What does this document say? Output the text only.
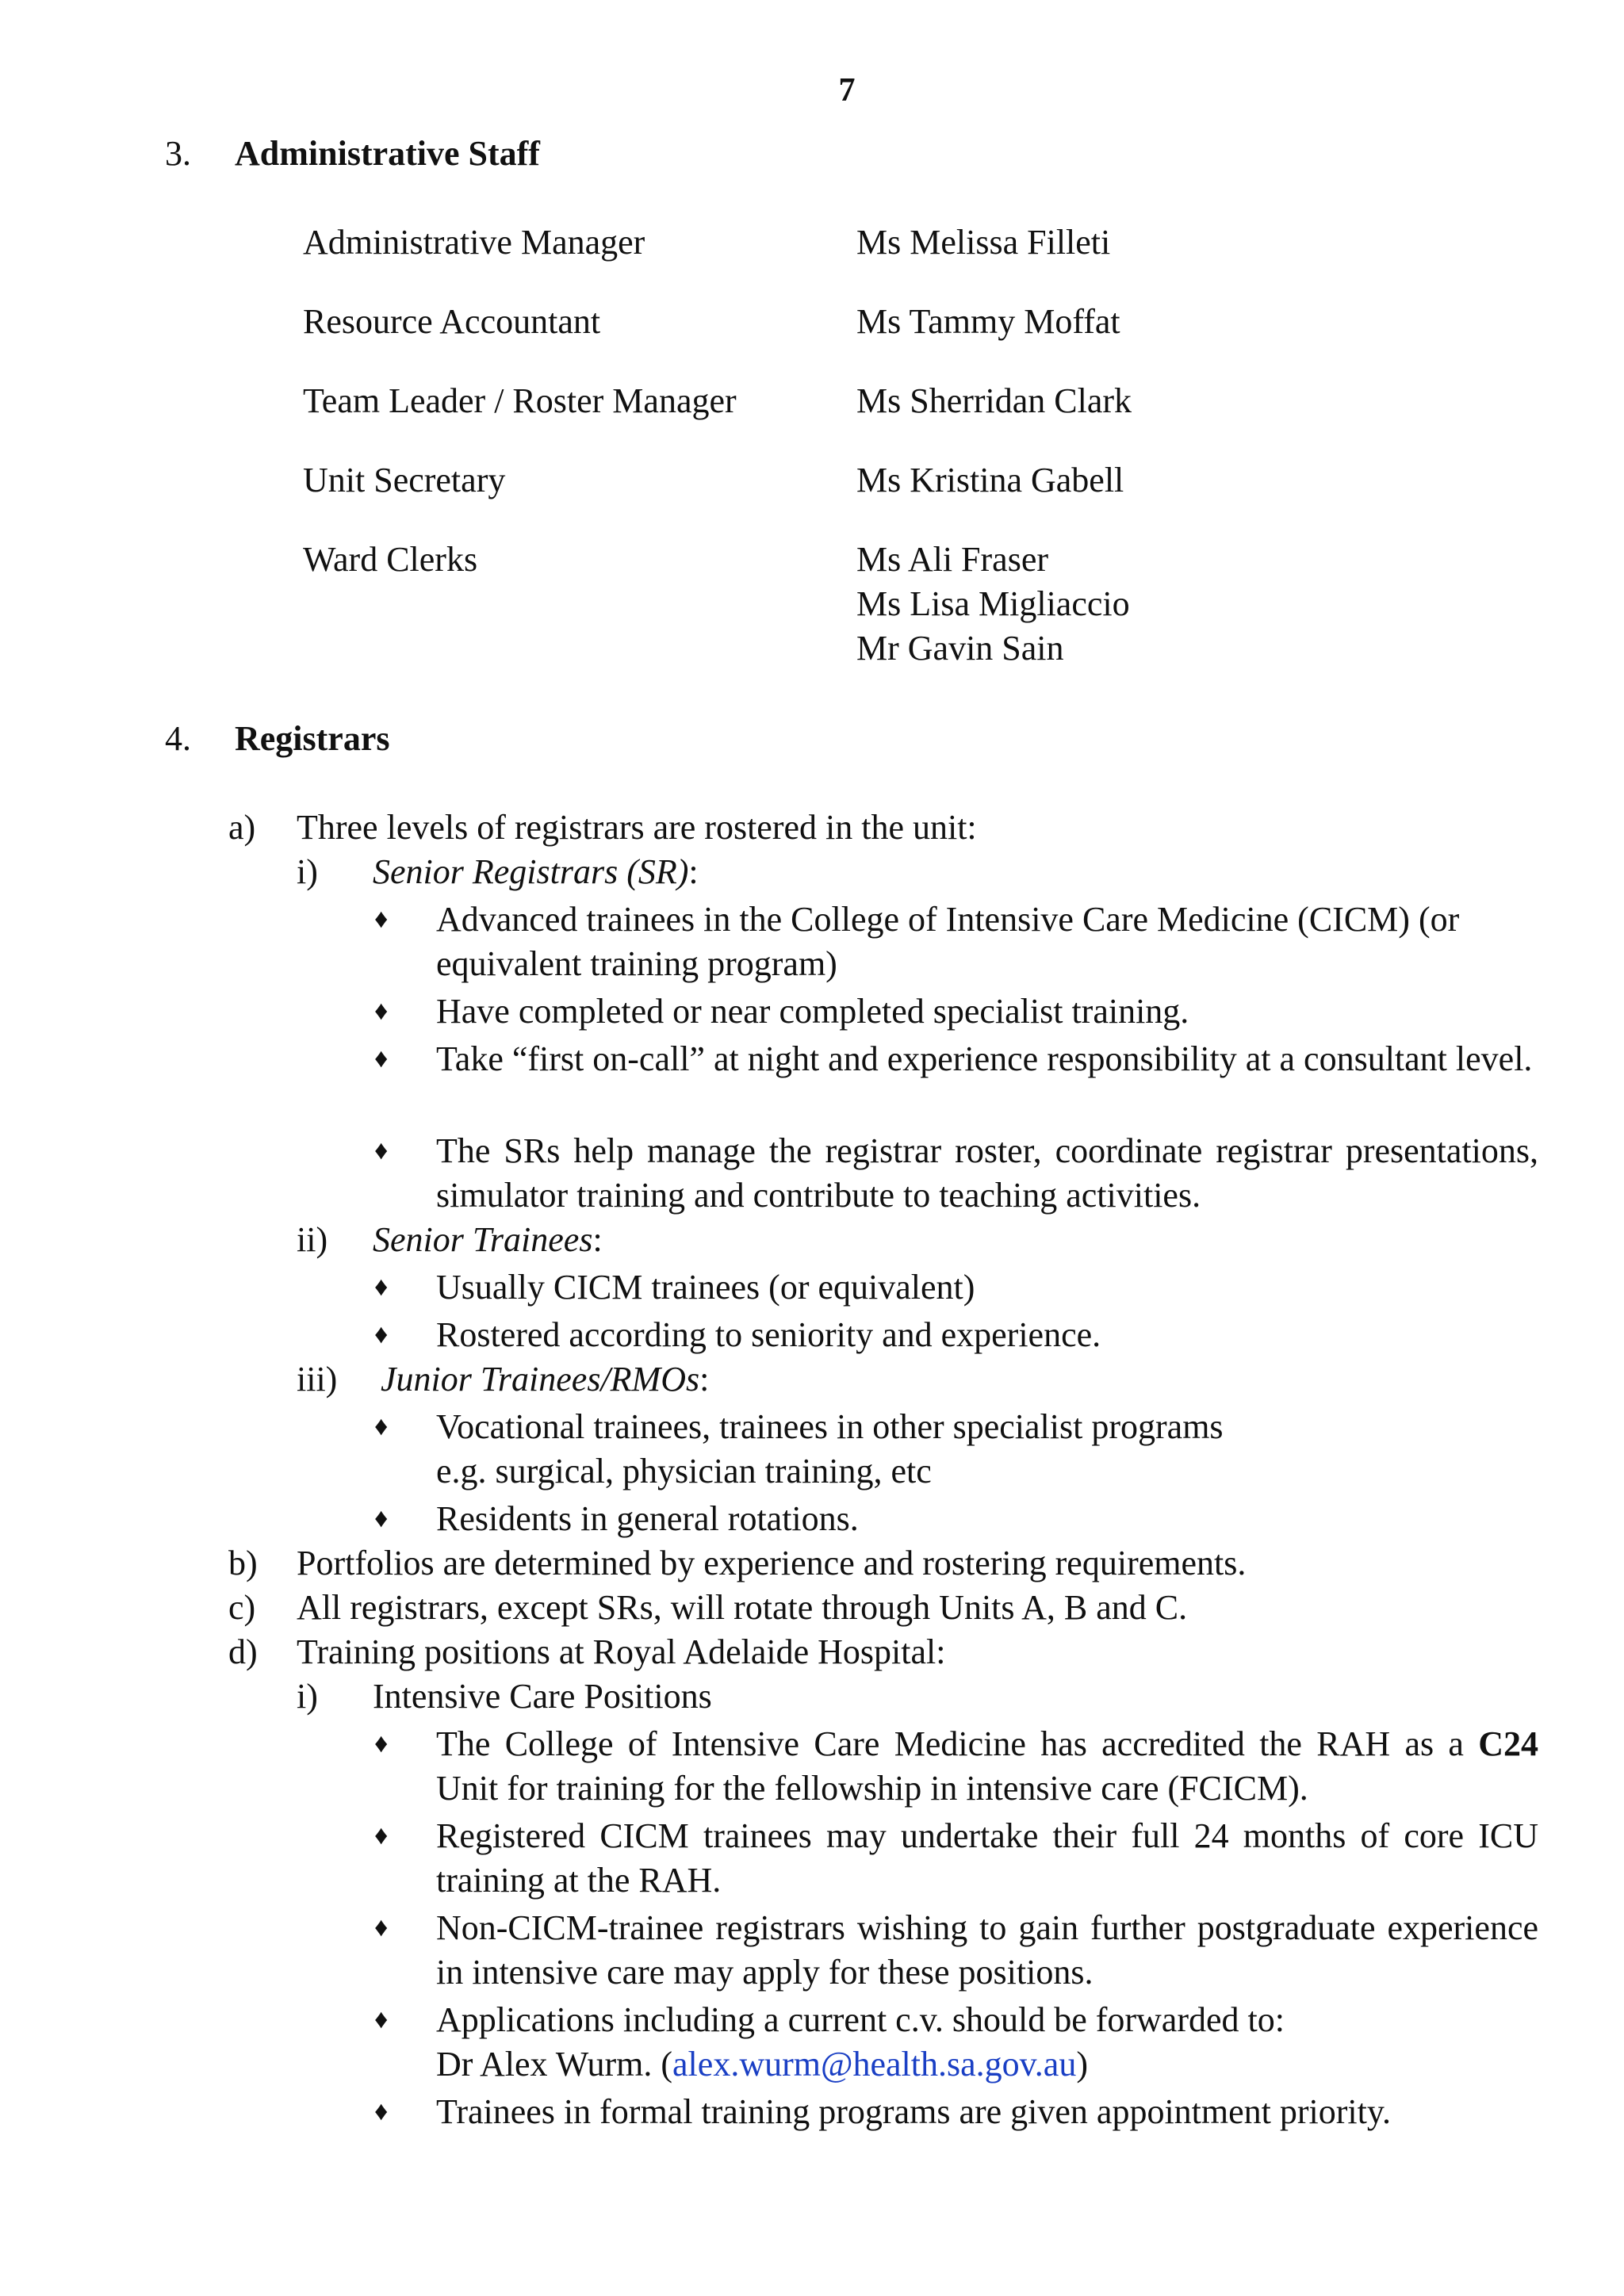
7
3. Administrative Staff
Administrative Manager	Ms Melissa Filleti
Resource Accountant	Ms Tammy Moffat
Team Leader / Roster Manager	Ms Sherridan Clark
Unit Secretary	Ms Kristina Gabell
Ward Clerks	Ms Ali Fraser
Ms Lisa Migliaccio
Mr Gavin Sain
4. Registrars
a) Three levels of registrars are rostered in the unit:
i) Senior Registrars (SR):
♦ Advanced trainees in the College of Intensive Care Medicine (CICM) (or equivalent training program)
♦ Have completed or near completed specialist training.
♦ Take “first on-call” at night and experience responsibility at a consultant level.
♦ The SRs help manage the registrar roster, coordinate registrar presentations, simulator training and contribute to teaching activities.
ii) Senior Trainees:
♦ Usually CICM trainees (or equivalent)
♦ Rostered according to seniority and experience.
iii) Junior Trainees/RMOs:
♦ Vocational trainees, trainees in other specialist programs
e.g. surgical, physician training, etc
♦ Residents in general rotations.
b) Portfolios are determined by experience and rostering requirements.
c) All registrars, except SRs, will rotate through Units A, B and C.
d) Training positions at Royal Adelaide Hospital:
i) Intensive Care Positions
♦ The College of Intensive Care Medicine has accredited the RAH as a C24 Unit for training for the fellowship in intensive care (FCICM).
♦ Registered CICM trainees may undertake their full 24 months of core ICU training at the RAH.
♦ Non-CICM-trainee registrars wishing to gain further postgraduate experience in intensive care may apply for these positions.
♦ Applications including a current c.v. should be forwarded to:
Dr Alex Wurm. (alex.wurm@health.sa.gov.au)
♦ Trainees in formal training programs are given appointment priority.
